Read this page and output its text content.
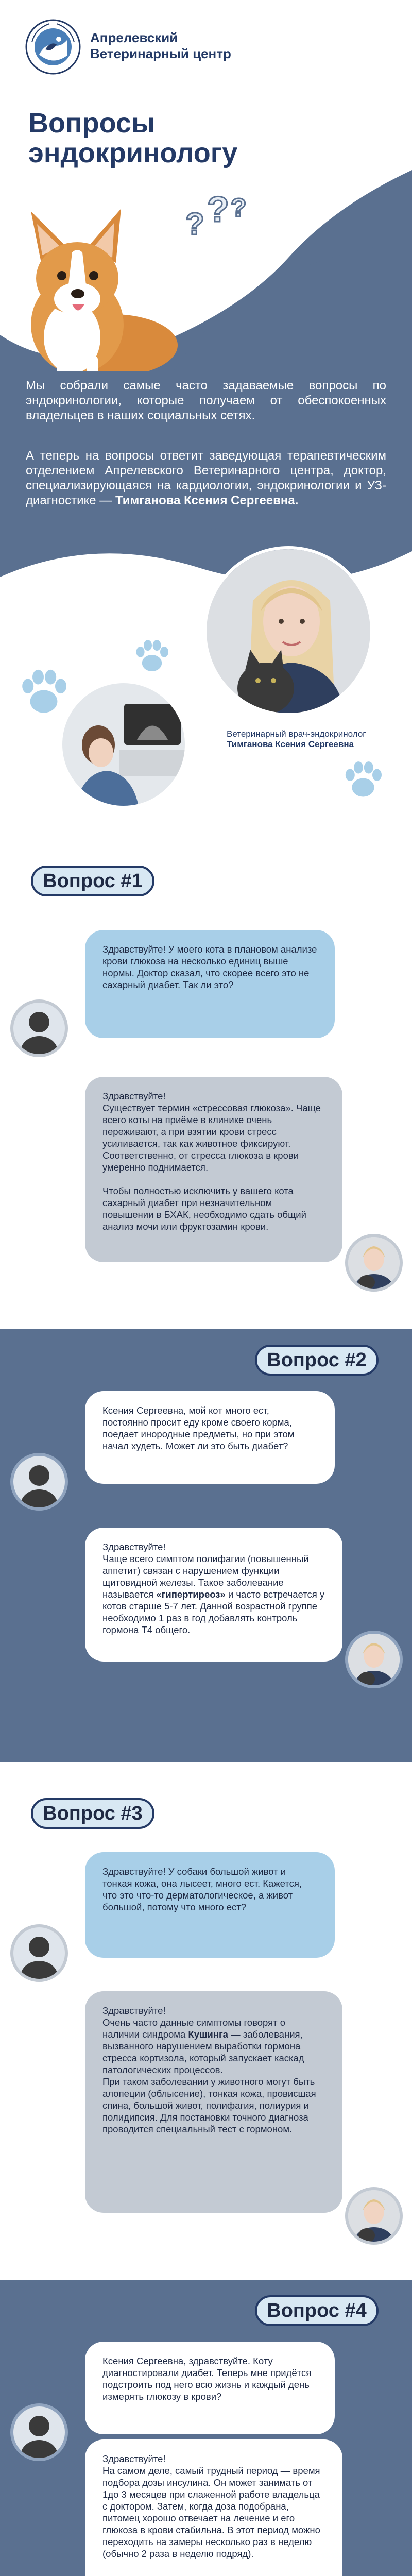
Апрелевский
Ветеринарный центр
Вопросы
эндокринологу
? ? ?

Мы собрали самые часто задаваемые вопросы по эндокринологии, которые получаем от обеспокоенных владельцев в наших социальных сетях.

А теперь на вопросы ответит заведующая терапевтическим отделением Апрелевского Ветеринарного центра, доктор, специализирующаяся на кардиологии, эндокринологии и УЗ-диагностике — Тимганова Ксения Сергеевна.

Ветеринарный врач-эндокринолог
Тимганова Ксения Сергеевна
Вопрос #1

Здравствуйте! У моего кота в плановом анализе крови глюкоза на несколько единиц выше нормы. Доктор сказал, что скорее всего это не сахарный диабет. Так ли это?

Здравствуйте!

Существует термин «стрессовая глюкоза». Чаще всего коты на приёме в клинике очень переживают, а при взятии крови стресс усиливается, так как животное фиксируют. Соответственно, от стресса глюкоза в крови умеренно поднимается.

Чтобы полностью исключить у вашего кота сахарный диабет при незначительном повышении в БХАК, необходимо сдать общий анализ мочи или фруктозамин крови.

Вопрос #2

Ксения Сергеевна, мой кот много ест, постоянно просит еду кроме своего корма, поедает инородные предметы, но при этом начал худеть. Может ли это быть диабет?

Здравствуйте!

Чаще всего симптом полифагии (повышенный аппетит) связан с нарушением функции щитовидной железы. Такое заболевание называется «гипертиреоз» и часто встречается у котов старше 5-7 лет. Данной возрастной группе необходимо 1 раз в год добавлять контроль гормона Т4 общего.

Вопрос #3

Здравствуйте! У собаки большой живот и тонкая кожа, она лысеет, много ест. Кажется, что это что-то дерматологическое, а живот большой, потому что много ест?

Здравствуйте!

Очень часто данные симптомы говорят о наличии синдрома Кушинга — заболевания, вызванного нарушением выработки гормона стресса кортизола, который запускает каскад патологических процессов.

При таком заболевании у животного могут быть алопеции (облысение), тонкая кожа, провисшая спина, большой живот, полифагия, полиурия и полидипсия. Для постановки точного диагноза проводится специальный тест с гормоном.

Вопрос #4

Ксения Сергеевна, здравствуйте. Коту диагностировали диабет. Теперь мне придётся подстроить под него всю жизнь и каждый день измерять глюкозу в крови?

Здравствуйте!

На самом деле, самый трудный период — время подбора дозы инсулина. Он может занимать от 1до 3 месяцев при слаженной работе владельца с доктором. Затем, когда доза подобрана, питомец хорошо отвечает на лечение и его глюкоза в крови стабильна. В этот период можно переходить на замеры несколько раз в неделю (обычно 2 раза в неделю подряд).
